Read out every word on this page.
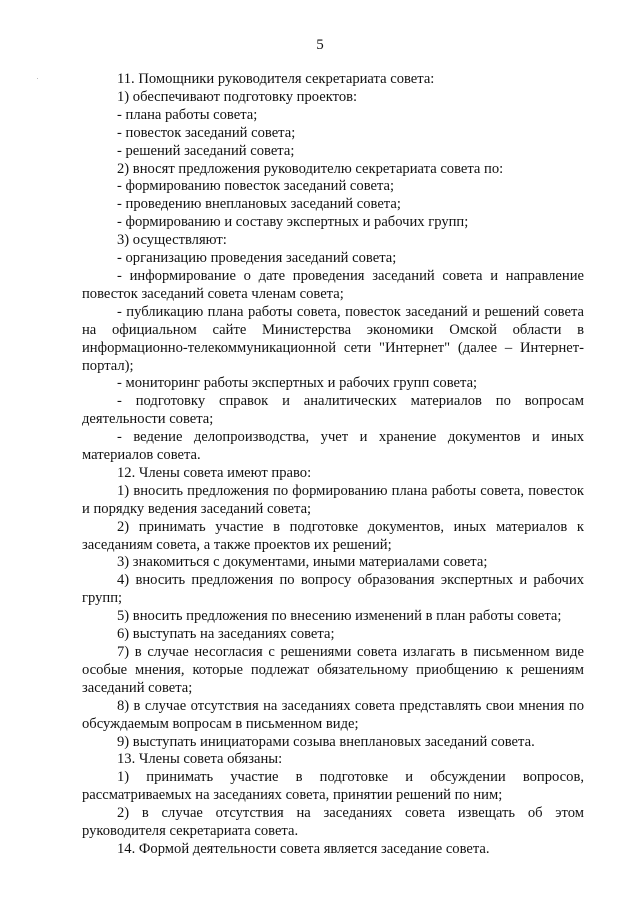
5

11. Помощники руководителя секретариата совета:

1) обеспечивают подготовку проектов:

- плана работы совета;

- повесток заседаний совета;

- решений заседаний совета;

2) вносят предложения руководителю секретариата совета по:

- формированию повесток заседаний совета;

- проведению внеплановых заседаний совета;

- формированию и составу экспертных и рабочих групп;

3) осуществляют:

- организацию проведения заседаний совета;

- информирование о дате проведения заседаний совета и направление повесток заседаний совета членам совета;

- публикацию плана работы совета, повесток заседаний и решений совета на официальном сайте Министерства экономики Омской области в информационно-телекоммуникационной сети "Интернет" (далее – Интернет-портал);

- мониторинг работы экспертных и рабочих групп совета;

- подготовку справок и аналитических материалов по вопросам деятельности совета;

- ведение делопроизводства, учет и хранение документов и иных материалов совета.

12. Члены совета имеют право:

1) вносить предложения по формированию плана работы совета, повесток и порядку ведения заседаний совета;

2) принимать участие в подготовке документов, иных материалов к заседаниям совета, а также проектов их решений;

3) знакомиться с документами, иными материалами совета;

4) вносить предложения по вопросу образования экспертных и рабочих групп;

5) вносить предложения по внесению изменений в план работы совета;

6) выступать на заседаниях совета;

7) в случае несогласия с решениями совета излагать в письменном виде особые мнения, которые подлежат обязательному приобщению к решениям заседаний совета;

8) в случае отсутствия на заседаниях совета представлять свои мнения по обсуждаемым вопросам в письменном виде;

9) выступать инициаторами созыва внеплановых заседаний совета.

13. Члены совета обязаны:

1) принимать участие в подготовке и обсуждении вопросов, рассматриваемых на заседаниях совета, принятии решений по ним;

2) в случае отсутствия на заседаниях совета извещать об этом руководителя секретариата совета.

14. Формой деятельности совета является заседание совета.
